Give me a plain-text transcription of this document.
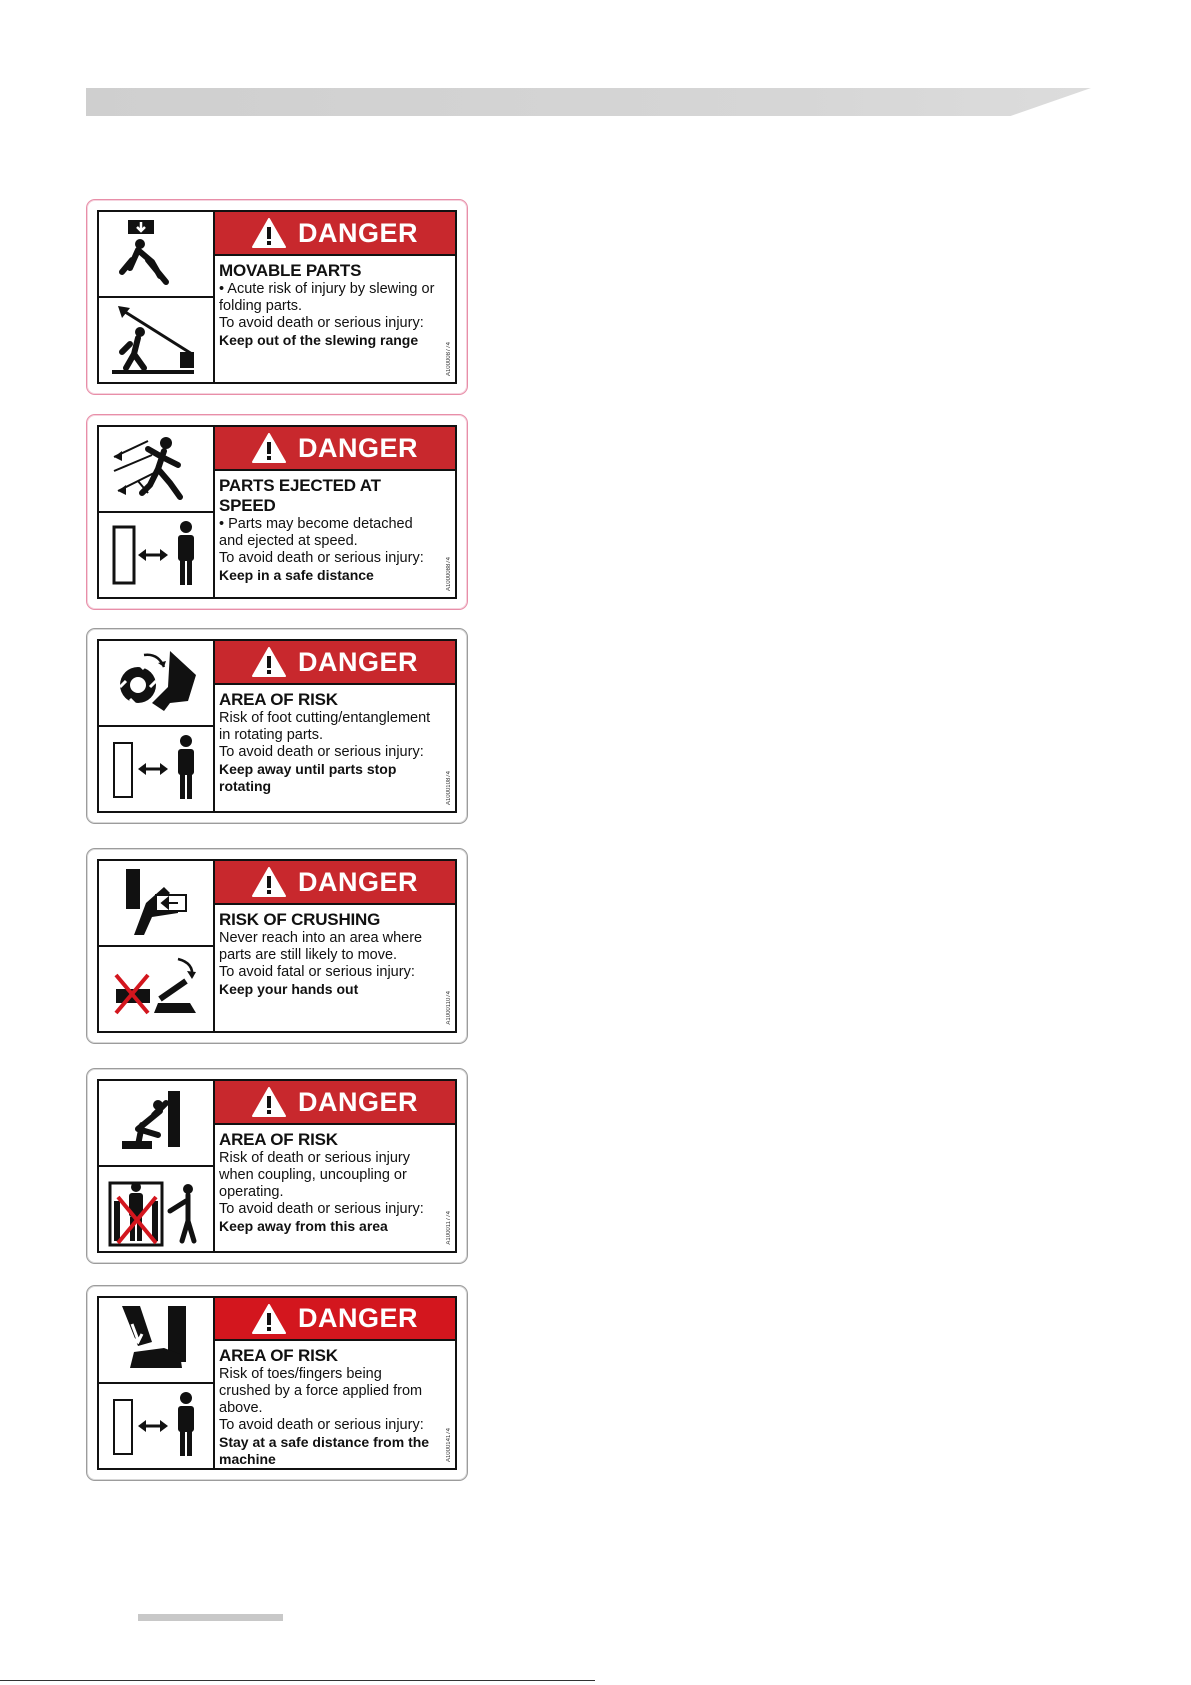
DANGER
MOVABLE PARTS
• Acute risk of injury by slewing or folding parts.
To avoid death or serious injury:
Keep out of the slewing range
A100008774
DANGER
PARTS EJECTED AT SPEED
• Parts may become detached and ejected at speed.
To avoid death or serious injury:
Keep in a safe distance	A100008874
DANGER
AREA OF RISK
Risk of foot cutting/entanglement in rotating parts.
To avoid death or serious injury:
Keep away until parts stop rotating	A100010874
DANGER
RISK OF CRUSHING
Never reach into an area where parts are still likely to move.
To avoid fatal or serious injury:
Keep your hands out
A100011074
DANGER
AREA OF RISK
Risk of death or serious injury when coupling, uncoupling or operating.
To avoid death or serious injury:
Keep away from this area	A100011774
DANGER
AREA OF RISK
Risk of toes/fingers being crushed by a force applied from above.
To avoid death or serious injury:
Stay at a safe distance from the machine	A100014174
